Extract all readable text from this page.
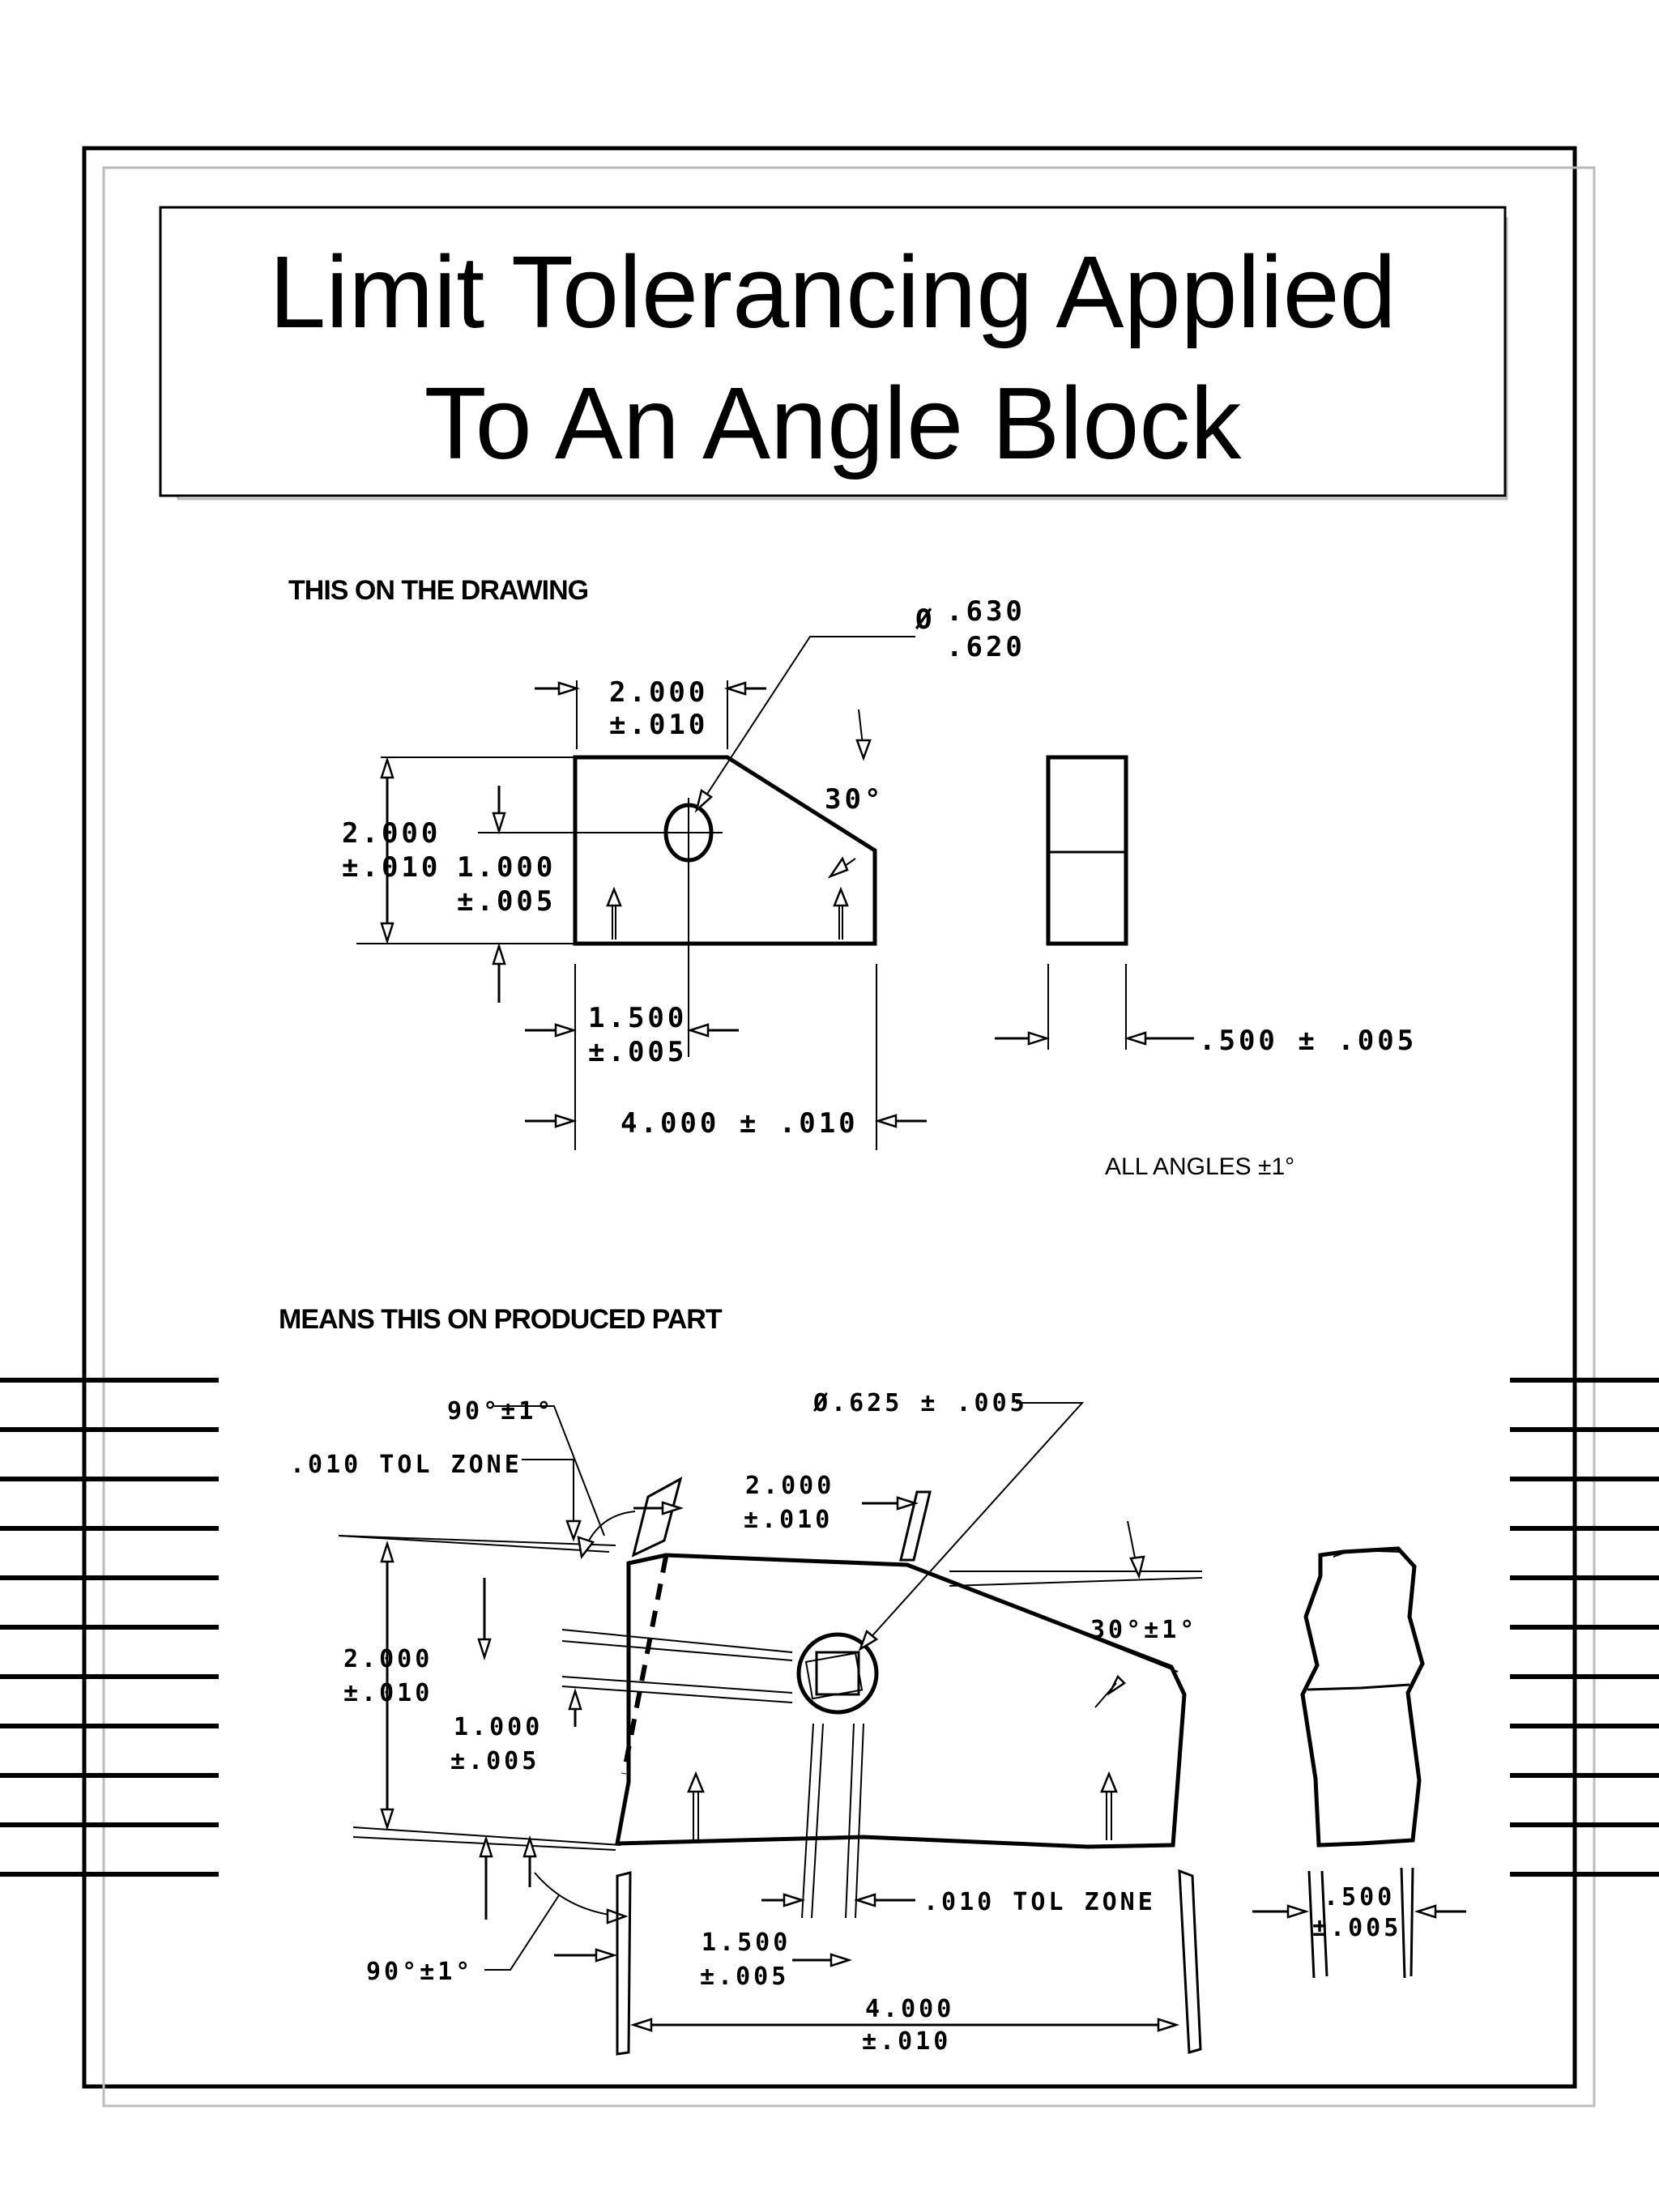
Limit Tolerancing Applied
To An Angle Block
THIS ON THE DRAWING
2.000
±.010
Ø .630
.620
30°
2.000
±.010 1.000
±.005
1.500
±.005
4.000 ± .010
.500 ± .005
ALL ANGLES ±1°
MEANS THIS ON PRODUCED PART
90°±1°
.010 TOL ZONE
Ø.625 ± .005
2.000
±.010
30°±1°
2.000
±.010
1.000
±.005
.010 TOL ZONE
90°±1°
1.500
±.005
4.000
±.010
.500
±.005
